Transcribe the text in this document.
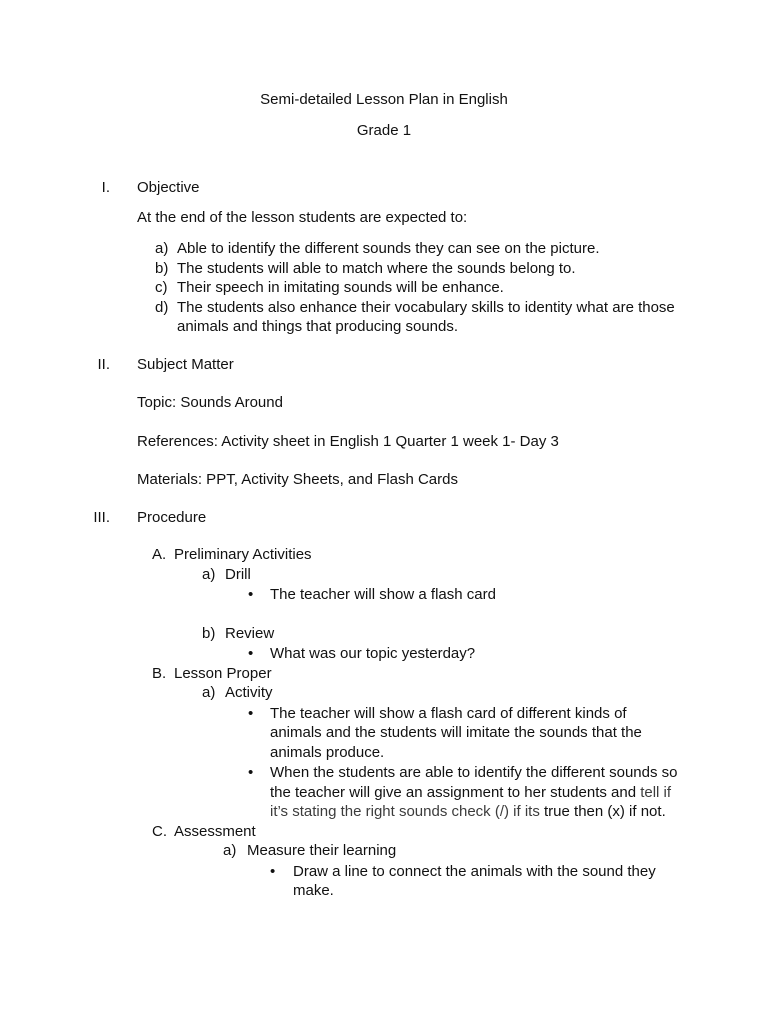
Semi-detailed Lesson Plan in English
Grade 1
I. Objective
At the end of the lesson students are expected to:
a) Able to identify the different sounds they can see on the picture.
b) The students will able to match where the sounds belong to.
c) Their speech in imitating sounds will be enhance.
d) The students also enhance their vocabulary skills to identity what are those animals and things that producing sounds.
II. Subject Matter
Topic: Sounds Around
References: Activity sheet in English 1 Quarter 1 week 1- Day 3
Materials: PPT, Activity Sheets, and Flash Cards
III. Procedure
A. Preliminary Activities
a) Drill
•	The teacher will show a flash card
b) Review
•	What was our topic yesterday?
B. Lesson Proper
a) Activity
•	The teacher will show a flash card of different kinds of animals and the students will imitate the sounds that the animals produce.
•	When the students are able to identify the different sounds so the teacher will give an assignment to her students and tell if it’s stating the right sounds check (/) if its true then (x) if not.
C. Assessment
a) Measure their learning
•	Draw a line to connect the animals with the sound they make.
